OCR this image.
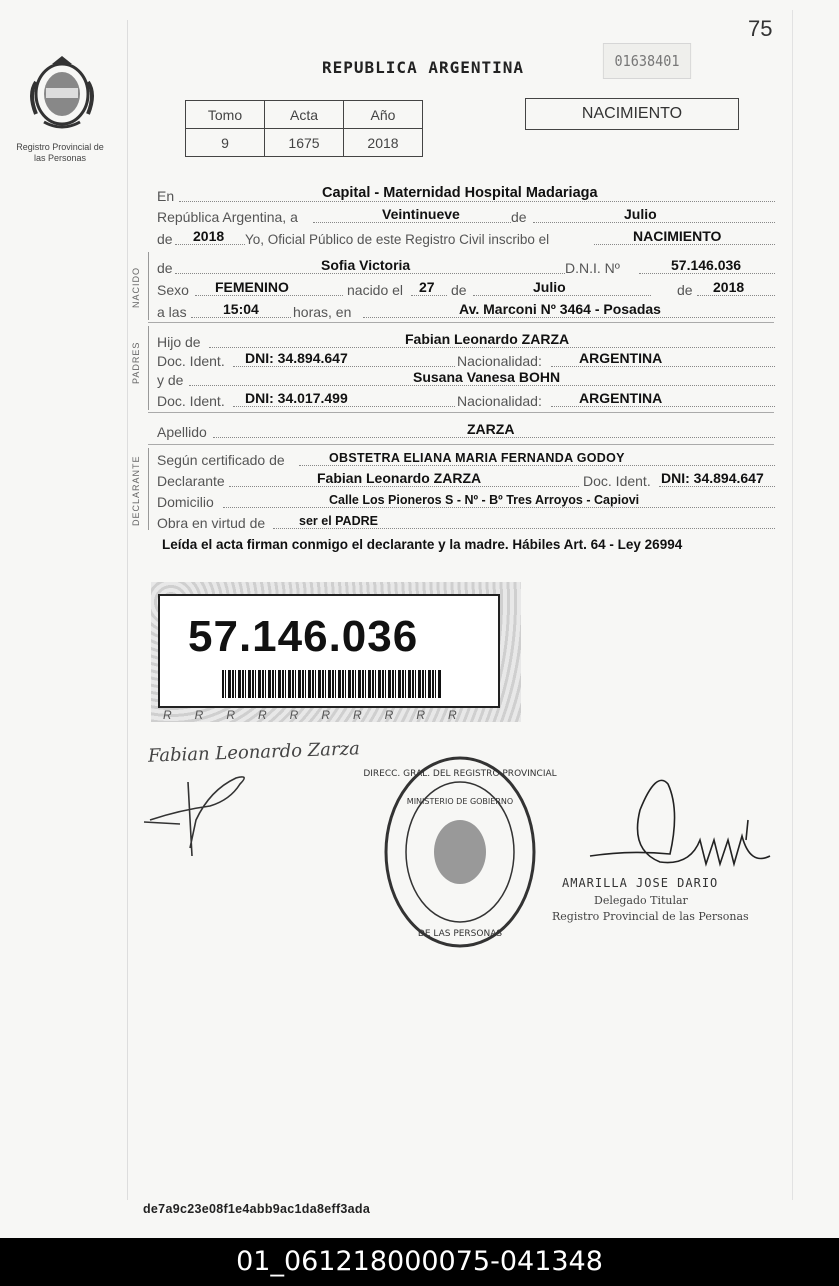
75
Registro Provincial de las Personas
REPUBLICA ARGENTINA	01638401
Tomo	Acta	Año
9	1675	2018
NACIMIENTO
En	Capital - Maternidad Hospital Madariaga
República Argentina, a	Veintinueve	de	Julio
de 2018 Yo, Oficial Público de este Registro Civil inscribo el	NACIMIENTO
NACIDO de	Sofia Victoria	D.N.I. Nº	57.146.036
Sexo FEMENINO	nacido el 27 de	Julio	de 2018
a las	15:04 horas, en	Av. Marconi Nº 3464 - Posadas
PADRES Hijo de	Fabian Leonardo ZARZA
Doc. Ident. DNI: 34.894.647	Nacionalidad:	ARGENTINA
y de	Susana Vanesa BOHN
Doc. Ident. DNI: 34.017.499	Nacionalidad:	ARGENTINA
Apellido	ZARZA
DECLARANTE Según certificado de	OBSTETRA ELIANA MARIA FERNANDA GODOY
Declarante	Fabian Leonardo ZARZA	Doc. Ident. DNI: 34.894.647
Domicilio	Calle Los Pioneros S - Nº - Bº Tres Arroyos - Capiovi
Obra en virtud de	ser el PADRE
Leída el acta firman conmigo el declarante y la madre. Hábiles Art. 64 - Ley 26994
57.146.036
RRRRRRRRRR
Fabian Leonardo Zarza
DIRECC. GRAL. DEL REGISTRO PROVINCIAL
DE LAS PERSONAS
MINISTERIO DE GOBIERNO
AMARILLA JOSE DARIO
Delegado Titular
Registro Provincial de las Personas
de7a9c23e08f1e4abb9ac1da8eff3ada
01_061218000075-041348
